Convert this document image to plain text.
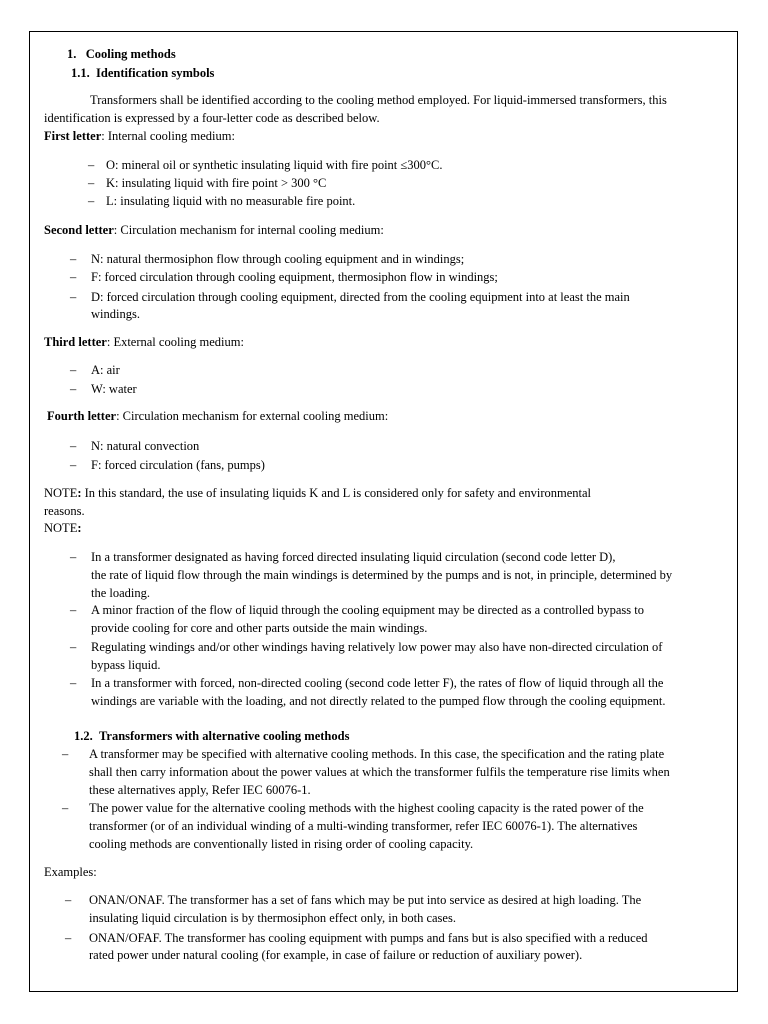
1. Cooling methods
1.1. Identification symbols
Transformers shall be identified according to the cooling method employed. For liquid-immersed transformers, this
identification is expressed by a four-letter code as described below.
First letter: Internal cooling medium:
– O: mineral oil or synthetic insulating liquid with fire point ≤300°C.
– K: insulating liquid with fire point > 300 °C
– L: insulating liquid with no measurable fire point.
Second letter: Circulation mechanism for internal cooling medium:
– N: natural thermosiphon flow through cooling equipment and in windings;
– F: forced circulation through cooling equipment, thermosiphon flow in windings;
– D: forced circulation through cooling equipment, directed from the cooling equipment into at least the main
windings.
Third letter: External cooling medium:
– A: air
– W: water
Fourth letter: Circulation mechanism for external cooling medium:
– N: natural convection
– F: forced circulation (fans, pumps)
NOTE: In this standard, the use of insulating liquids K and L is considered only for safety and environmental
reasons.
NOTE:
– In a transformer designated as having forced directed insulating liquid circulation (second code letter D),
the rate of liquid flow through the main windings is determined by the pumps and is not, in principle, determined by
the loading.
– A minor fraction of the flow of liquid through the cooling equipment may be directed as a controlled bypass to
provide cooling for core and other parts outside the main windings.
– Regulating windings and/or other windings having relatively low power may also have non-directed circulation of
bypass liquid.
– In a transformer with forced, non-directed cooling (second code letter F), the rates of flow of liquid through all the
windings are variable with the loading, and not directly related to the pumped flow through the cooling equipment.
1.2. Transformers with alternative cooling methods
– A transformer may be specified with alternative cooling methods. In this case, the specification and the rating plate
shall then carry information about the power values at which the transformer fulfils the temperature rise limits when
these alternatives apply, Refer IEC 60076-1.
– The power value for the alternative cooling methods with the highest cooling capacity is the rated power of the
transformer (or of an individual winding of a multi-winding transformer, refer IEC 60076-1). The alternatives
cooling methods are conventionally listed in rising order of cooling capacity.
Examples:
– ONAN/ONAF. The transformer has a set of fans which may be put into service as desired at high loading. The
insulating liquid circulation is by thermosiphon effect only, in both cases.
– ONAN/OFAF. The transformer has cooling equipment with pumps and fans but is also specified with a reduced
rated power under natural cooling (for example, in case of failure or reduction of auxiliary power).
